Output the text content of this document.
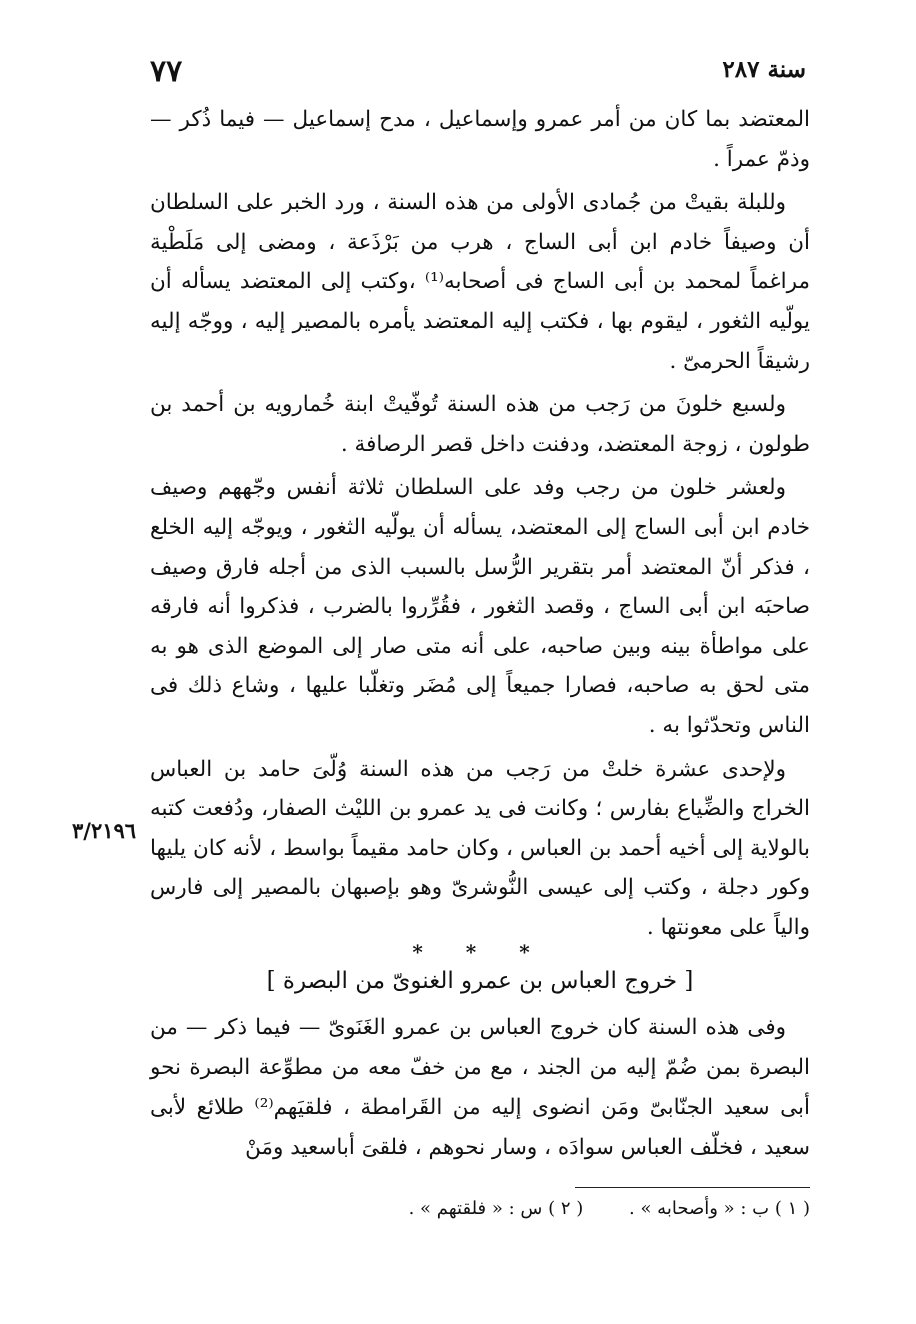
٧٧	سنة ٢٨٧

المعتضد بما كان من أمر عمرو وإسماعيل ، مدح إسماعيل — فيما ذُكر — وذمّ عمراً .

وللبلة بقيتْ من جُمادى الأولى من هذه السنة ، ورد الخبر على السلطان أن وصيفاً خادم ابن أبى الساج ، هرب من بَرْذَعة ، ومضى إلى مَلَطْية مراغماً لمحمد بن أبى الساج فى أصحابه⁽¹⁾ ،وكتب إلى المعتضد يسأله أن يولّيه الثغور ، ليقوم بها ، فكتب إليه المعتضد يأمره بالمصير إليه ، ووجّه إليه رشيقاً الحرمىّ .

ولسبع خلونَ من رَجب من هذه السنة تُوفّيتْ ابنة خُمارويه بن أحمد بن طولون ، زوجة المعتضد، ودفنت داخل قصر الرصافة .

ولعشر خلون من رجب وفد على السلطان ثلاثة أنفس وجّههم وصيف خادم ابن أبى الساج إلى المعتضد، يسأله أن يولّيه الثغور ، ويوجّه إليه الخلع ، فذكر أنّ المعتضد أمر بتقرير الرُّسل بالسبب الذى من أجله فارق وصيف صاحبَه ابن أبى الساج ، وقصد الثغور ، فقُرِّروا بالضرب ، فذكروا أنه فارقه على مواطأة بينه وبين صاحبه، على أنه متى صار إلى الموضع الذى هو به متى لحق به صاحبه، فصارا جميعاً إلى مُضَر وتغلّبا عليها ، وشاع ذلك فى الناس وتحدّثوا به .

ولإحدى عشرة خلتْ من رَجب من هذه السنة وُلّىَ حامد بن العباس الخراج والضِّياع بفارس ؛ وكانت فى يد عمرو بن الليْث الصفار، ودُفعت كتبه بالولاية إلى أخيه أحمد بن العباس ، وكان حامد مقيماً بواسط ، لأنه كان يليها وكور دجلة ، وكتب إلى عيسى النُّوشرىّ وهو بإصبهان بالمصير إلى فارس والياً على معونتها .

٣/٢١٩٦
* * *
[ خروج العباس بن عمرو الغنوىّ من البصرة ]

وفى هذه السنة كان خروج العباس بن عمرو الغَنَوىّ — فيما ذكر — من البصرة بمن ضُمّ إليه من الجند ، مع من خفّ معه من مطوِّعة البصرة نحو أبى سعيد الجنّابىّ ومَن انضوى إليه من القَرامطة ، فلقيَهم⁽²⁾ طلائع لأبى سعيد ، فخلّف العباس سوادَه ، وسار نحوهم ، فلقىَ أباسعيد ومَنْ

( ١ ) ب : « وأصحابه » . ( ٢ ) س : « فلقتهم » .
